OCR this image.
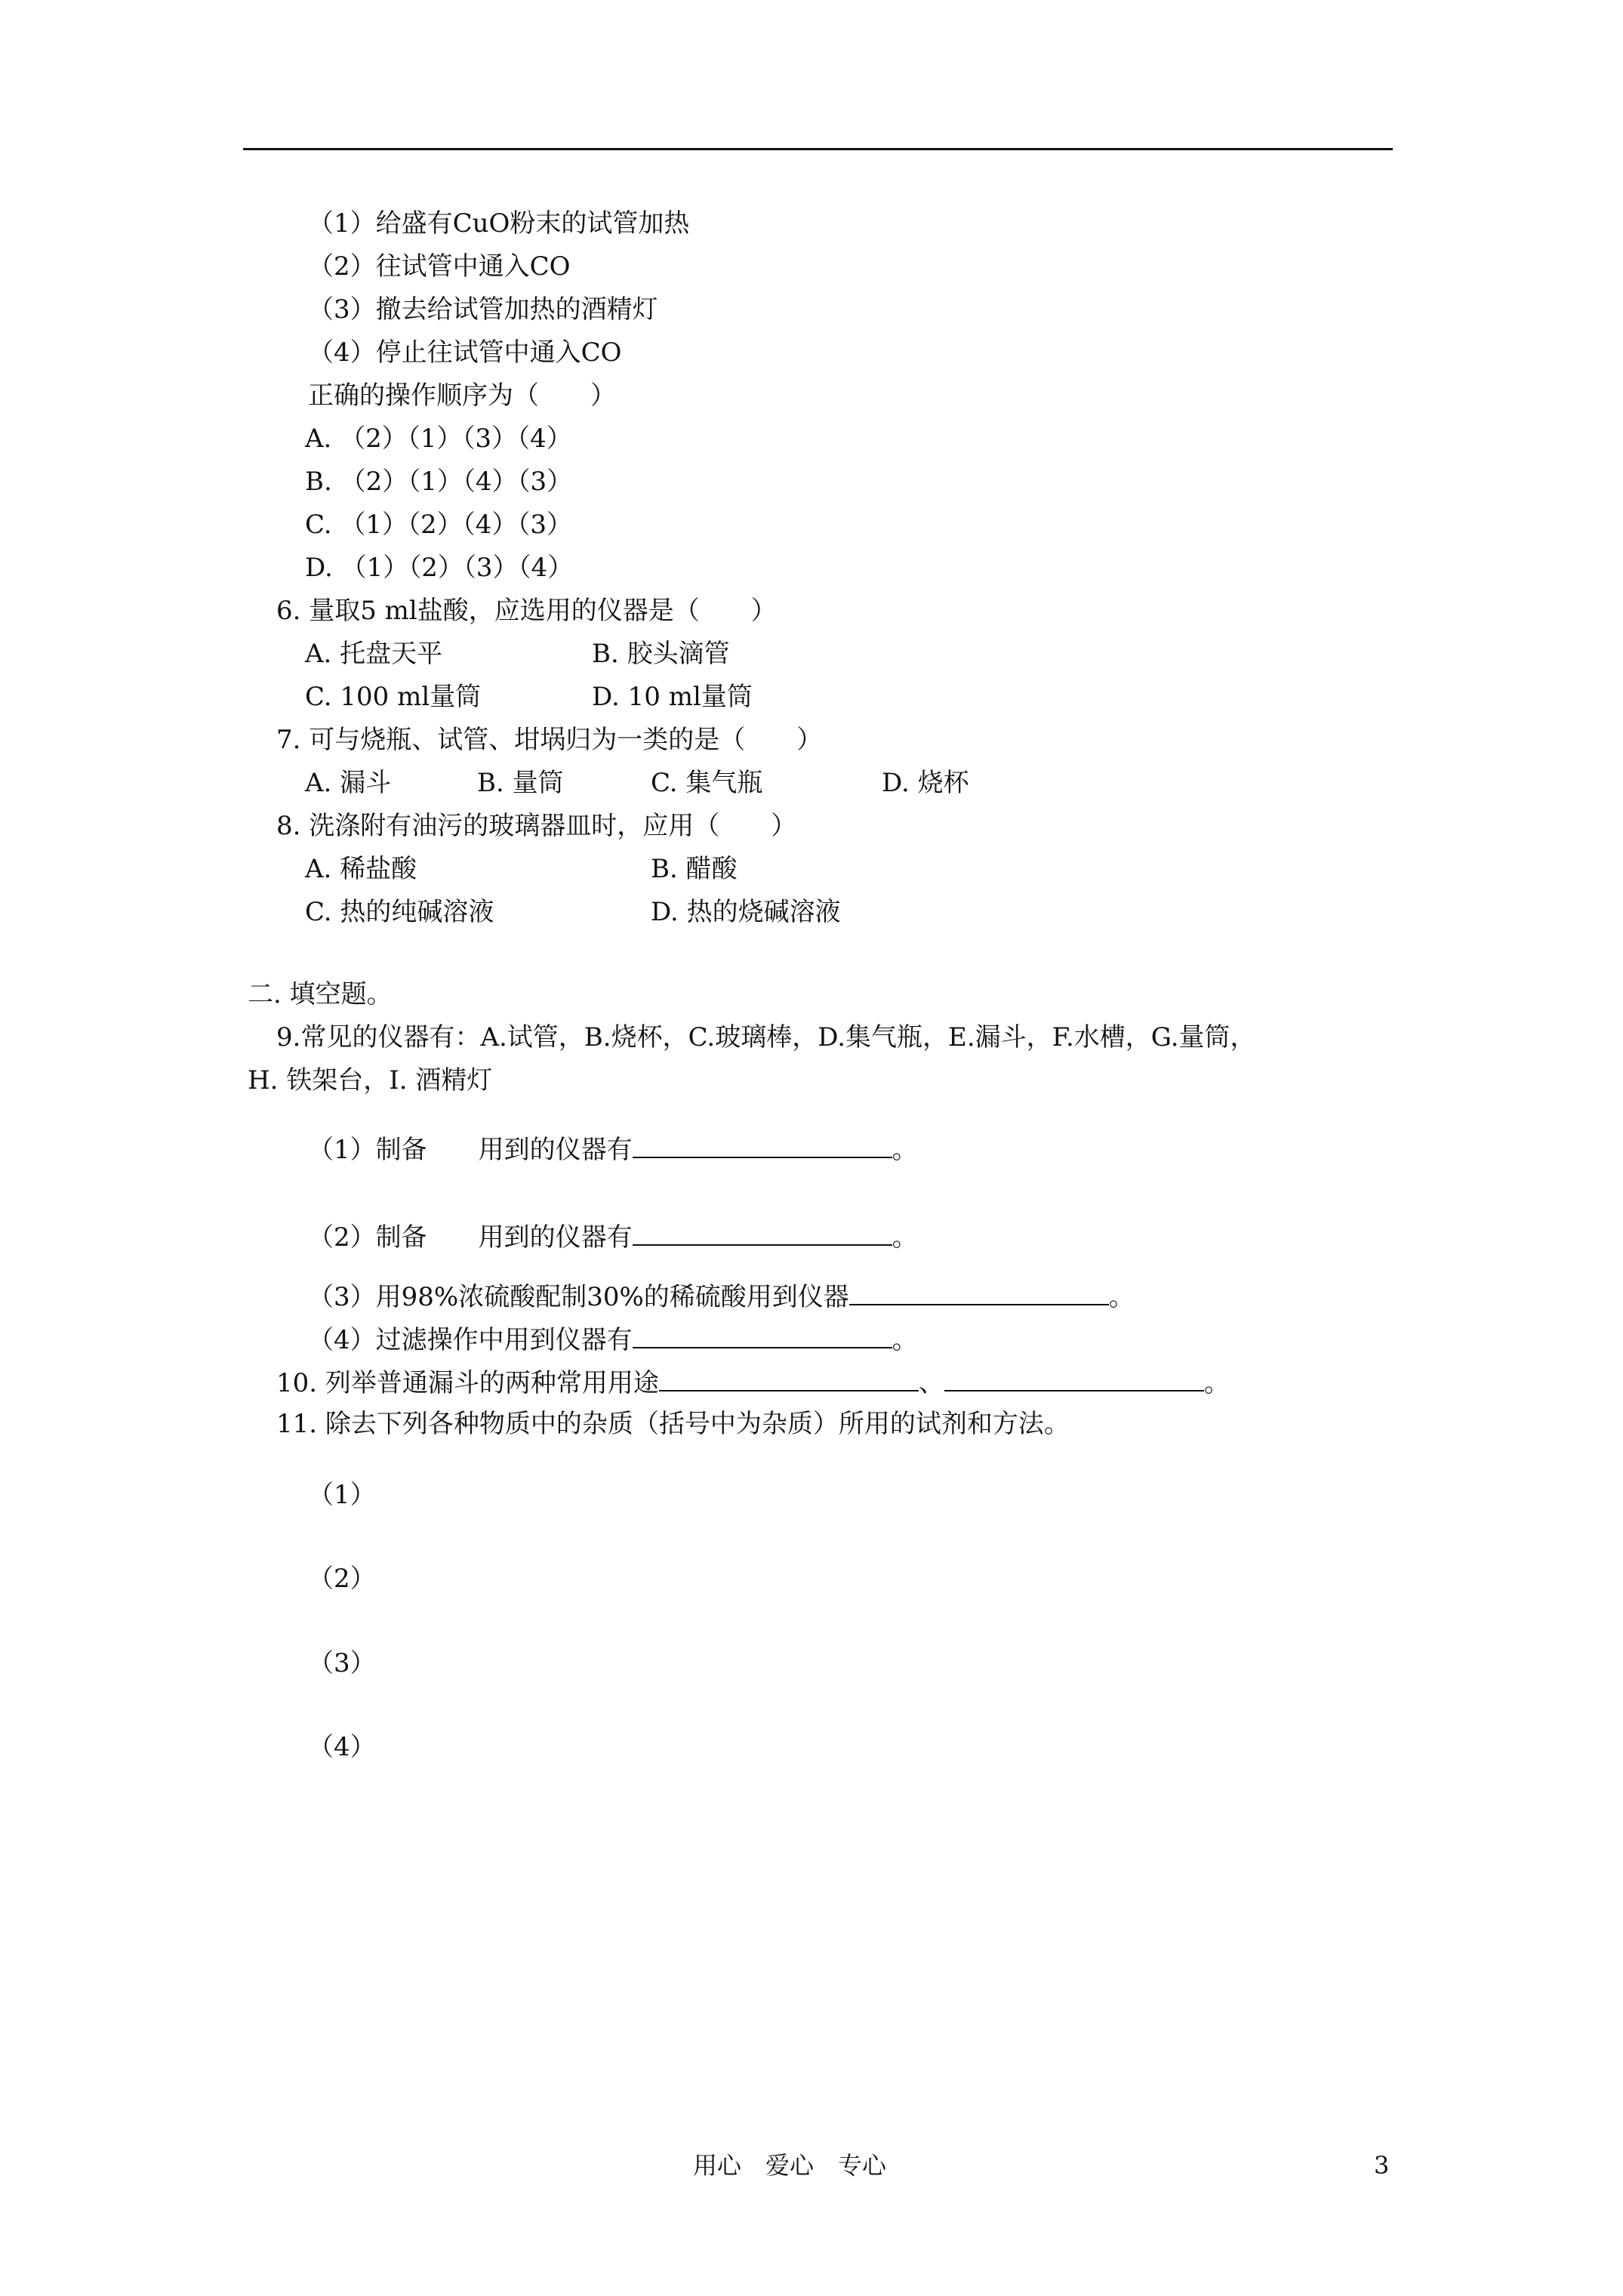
（1）给盛有CuO粉末的试管加热
（2）往试管中通入CO
（3）撤去给试管加热的酒精灯
（4）停止往试管中通入CO
正确的操作顺序为（　　）
A. （2）（1）（3）（4）
B. （2）（1）（4）（3）
C. （1）（2）（4）（3）
D. （1）（2）（3）（4）
6. 量取5 ml盐酸，应选用的仪器是（　　）
A. 托盘天平	B. 胶头滴管
C. 100 ml量筒	D. 10 ml量筒
7. 可与烧瓶、试管、坩埚归为一类的是（　　）
A. 漏斗	B. 量筒	C. 集气瓶	D. 烧杯
8. 洗涤附有油污的玻璃器皿时，应用（　　）
A. 稀盐酸	B. 醋酸
C. 热的纯碱溶液	D. 热的烧碱溶液
二. 填空题。
9.常见的仪器有：A.试管，B.烧杯，C.玻璃棒，D.集气瓶，E.漏斗，F.水槽，G.量筒，
H. 铁架台，I. 酒精灯
（1）制备　　用到的仪器有	。
（2）制备　　用到的仪器有	。
（3）用98%浓硫酸配制30%的稀硫酸用到仪器	。
（4）过滤操作中用到仪器有	。
10. 列举普通漏斗的两种常用用途	、	。
11. 除去下列各种物质中的杂质（括号中为杂质）所用的试剂和方法。
（1）
（2）
（3）
（4）
用心　爱心　专心	3
